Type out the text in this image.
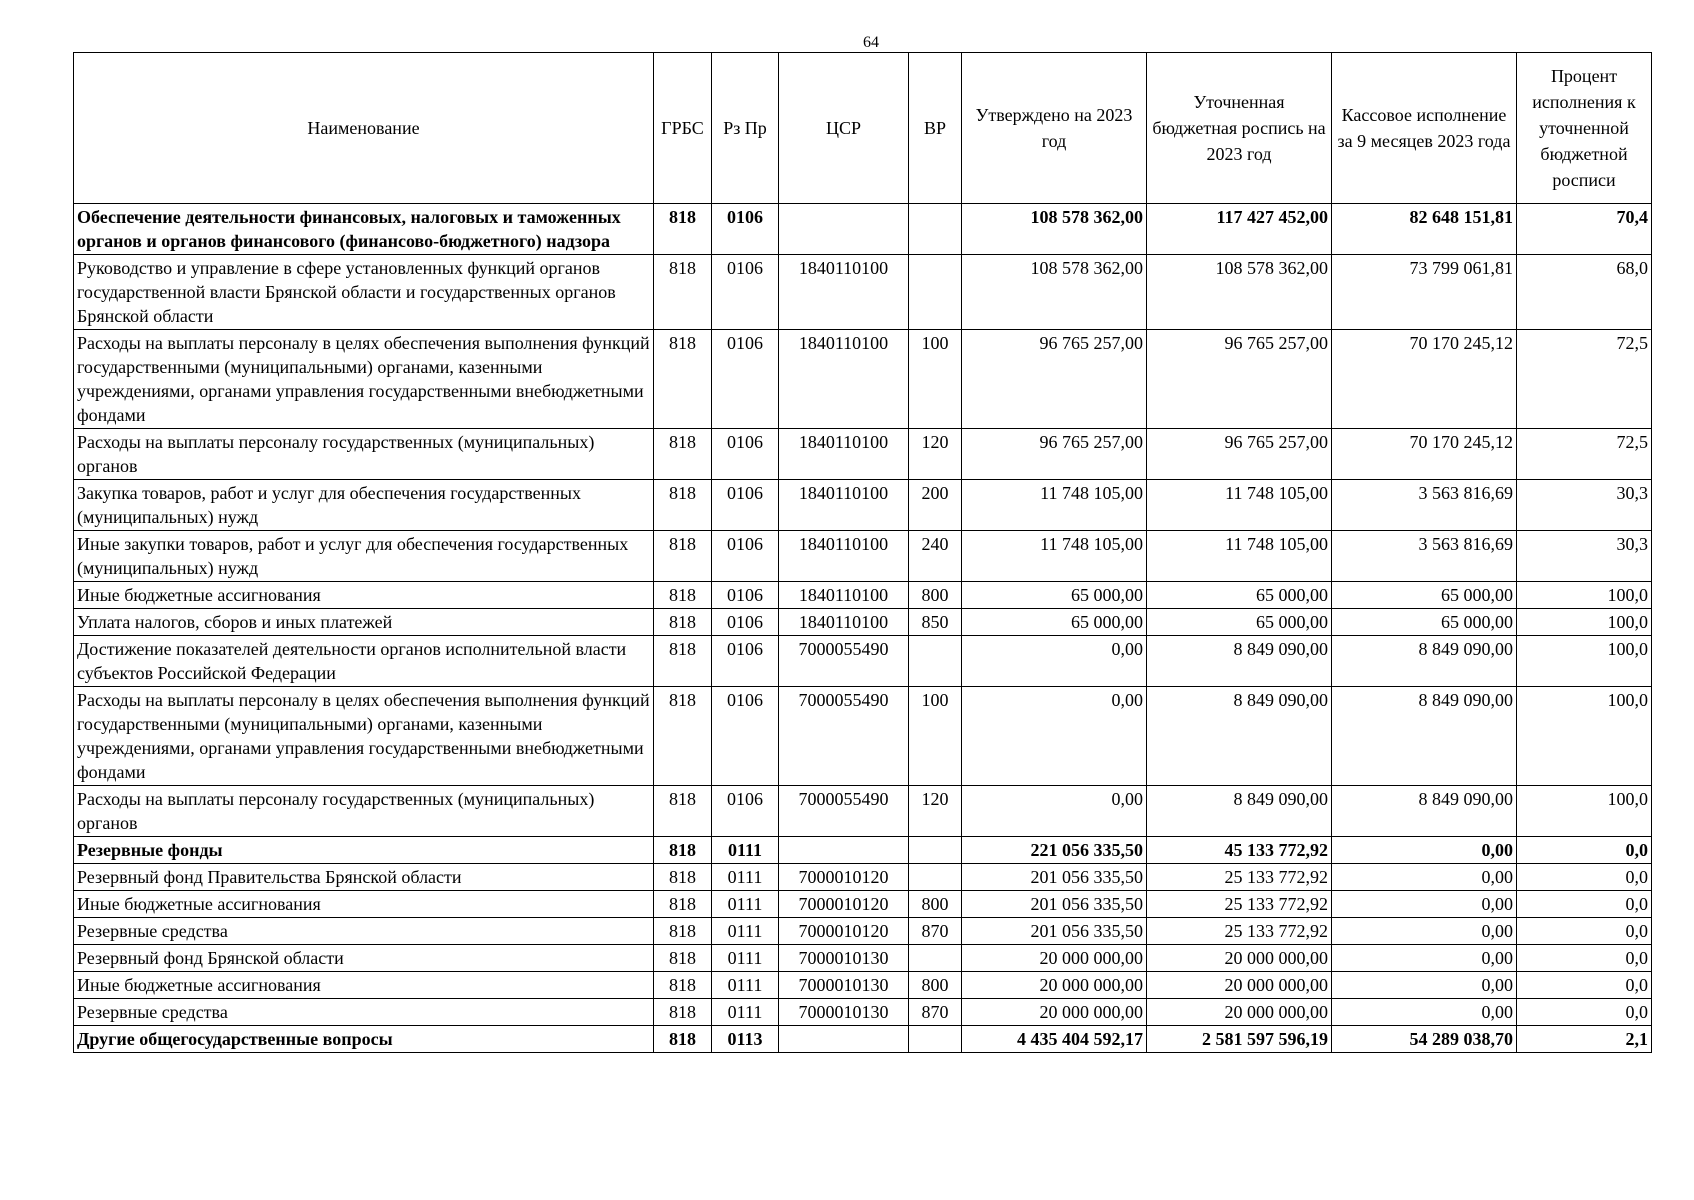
64
Наименование	ГРБС	Рз Пр	ЦСР	ВР	Утверждено на 2023 год	Уточненная бюджетная роспись на 2023 год	Кассовое исполнение за 9 месяцев 2023 года	Процент исполнения к уточненной бюджетной росписи
Обеспечение деятельности финансовых, налоговых и таможенных органов и органов финансового (финансово-бюджетного) надзора	818	0106			108 578 362,00	117 427 452,00	82 648 151,81	70,4
Руководство и управление в сфере установленных функций органов государственной власти Брянской области и государственных органов Брянской области	818	0106	1840110100		108 578 362,00	108 578 362,00	73 799 061,81	68,0
Расходы на выплаты персоналу в целях обеспечения выполнения функций государственными (муниципальными) органами, казенными учреждениями, органами управления государственными внебюджетными фондами	818	0106	1840110100	100	96 765 257,00	96 765 257,00	70 170 245,12	72,5
Расходы на выплаты персоналу государственных (муниципальных) органов	818	0106	1840110100	120	96 765 257,00	96 765 257,00	70 170 245,12	72,5
Закупка товаров, работ и услуг для обеспечения государственных (муниципальных) нужд	818	0106	1840110100	200	11 748 105,00	11 748 105,00	3 563 816,69	30,3
Иные закупки товаров, работ и услуг для обеспечения государственных (муниципальных) нужд	818	0106	1840110100	240	11 748 105,00	11 748 105,00	3 563 816,69	30,3
Иные бюджетные ассигнования	818	0106	1840110100	800	65 000,00	65 000,00	65 000,00	100,0
Уплата налогов, сборов и иных платежей	818	0106	1840110100	850	65 000,00	65 000,00	65 000,00	100,0
Достижение показателей деятельности органов исполнительной власти субъектов Российской Федерации	818	0106	7000055490		0,00	8 849 090,00	8 849 090,00	100,0
Расходы на выплаты персоналу в целях обеспечения выполнения функций государственными (муниципальными) органами, казенными учреждениями, органами управления государственными внебюджетными фондами	818	0106	7000055490	100	0,00	8 849 090,00	8 849 090,00	100,0
Расходы на выплаты персоналу государственных (муниципальных) органов	818	0106	7000055490	120	0,00	8 849 090,00	8 849 090,00	100,0
Резервные фонды	818	0111			221 056 335,50	45 133 772,92	0,00	0,0
Резервный фонд Правительства Брянской области	818	0111	7000010120		201 056 335,50	25 133 772,92	0,00	0,0
Иные бюджетные ассигнования	818	0111	7000010120	800	201 056 335,50	25 133 772,92	0,00	0,0
Резервные средства	818	0111	7000010120	870	201 056 335,50	25 133 772,92	0,00	0,0
Резервный фонд Брянской области	818	0111	7000010130		20 000 000,00	20 000 000,00	0,00	0,0
Иные бюджетные ассигнования	818	0111	7000010130	800	20 000 000,00	20 000 000,00	0,00	0,0
Резервные средства	818	0111	7000010130	870	20 000 000,00	20 000 000,00	0,00	0,0
Другие общегосударственные вопросы	818	0113			4 435 404 592,17	2 581 597 596,19	54 289 038,70	2,1
